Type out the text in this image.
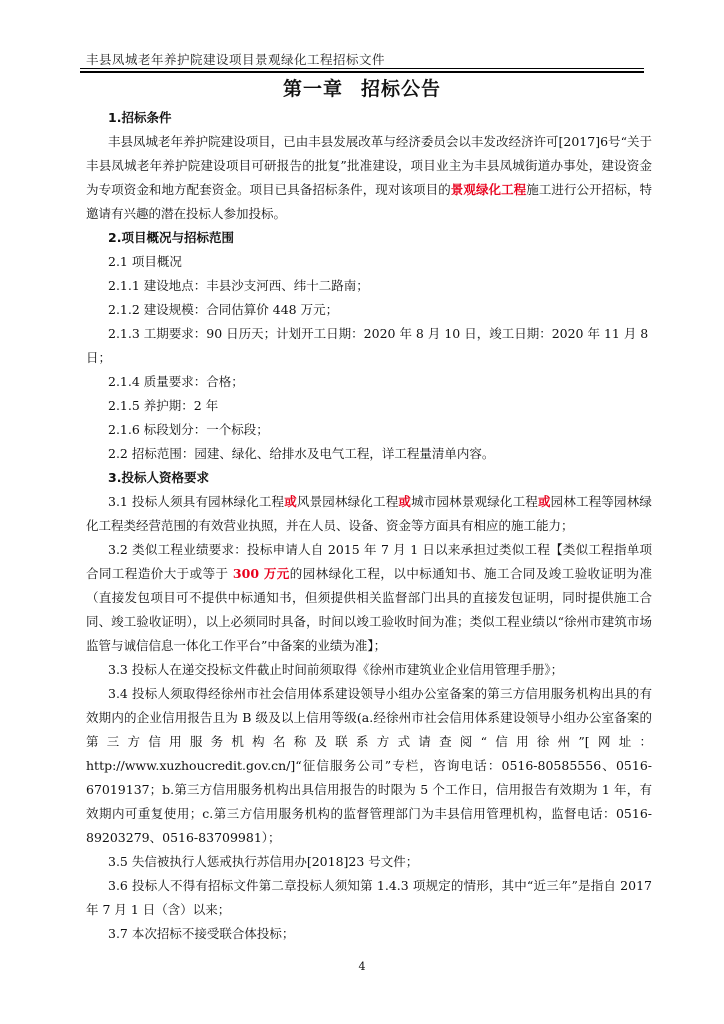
丰县凤城老年养护院建设项目景观绿化工程招标文件
第一章 招标公告

1.招标条件

丰县凤城老年养护院建设项目，已由丰县发展改革与经济委员会以丰发改经济许可[2017]6号“关于丰县凤城老年养护院建设项目可研报告的批复”批准建设，项目业主为丰县凤城街道办事处，建设资金为专项资金和地方配套资金。项目已具备招标条件，现对该项目的景观绿化工程施工进行公开招标，特邀请有兴趣的潜在投标人参加投标。

2.项目概况与招标范围

2.1 项目概况

2.1.1 建设地点：丰县沙支河西、纬十二路南；

2.1.2 建设规模：合同估算价 448 万元；

2.1.3 工期要求：90 日历天；计划开工日期：2020 年 8 月 10 日，竣工日期：2020 年 11 月 8 日；

2.1.4 质量要求：合格；

2.1.5 养护期：2 年

2.1.6 标段划分：一个标段；

2.2 招标范围：园建、绿化、给排水及电气工程，详工程量清单内容。

3.投标人资格要求

3.1 投标人须具有园林绿化工程或风景园林绿化工程或城市园林景观绿化工程或园林工程等园林绿化工程类经营范围的有效营业执照，并在人员、设备、资金等方面具有相应的施工能力；

3.2 类似工程业绩要求：投标申请人自 2015 年 7 月 1 日以来承担过类似工程【类似工程指单项合同工程造价大于或等于 300 万元的园林绿化工程，以中标通知书、施工合同及竣工验收证明为准（直接发包项目可不提供中标通知书，但须提供相关监督部门出具的直接发包证明，同时提供施工合同、竣工验收证明），以上必须同时具备，时间以竣工验收时间为准；类似工程业绩以“徐州市建筑市场监管与诚信信息一体化工作平台”中备案的业绩为准】；

3.3 投标人在递交投标文件截止时间前须取得《徐州市建筑业企业信用管理手册》；

3.4 投标人须取得经徐州市社会信用体系建设领导小组办公室备案的第三方信用服务机构出具的有效期内的企业信用报告且为 B 级及以上信用等级(a.经徐州市社会信用体系建设领导小组办公室备案的第三方信用服务机构名称及联系方式请查阅“信用徐州”[网址：http://www.xuzhoucredit.gov.cn/]“征信服务公司”专栏，咨询电话：0516-80585556、0516-67019137；b.第三方信用服务机构出具信用报告的时限为 5 个工作日，信用报告有效期为 1 年，有效期内可重复使用；c.第三方信用服务机构的监督管理部门为丰县信用管理机构，监督电话：0516-89203279、0516-83709981）；

3.5 失信被执行人惩戒执行苏信用办[2018]23 号文件；

3.6 投标人不得有招标文件第二章投标人须知第 1.4.3 项规定的情形，其中“近三年”是指自 2017 年 7 月 1 日（含）以来；

3.7 本次招标不接受联合体投标；

4
